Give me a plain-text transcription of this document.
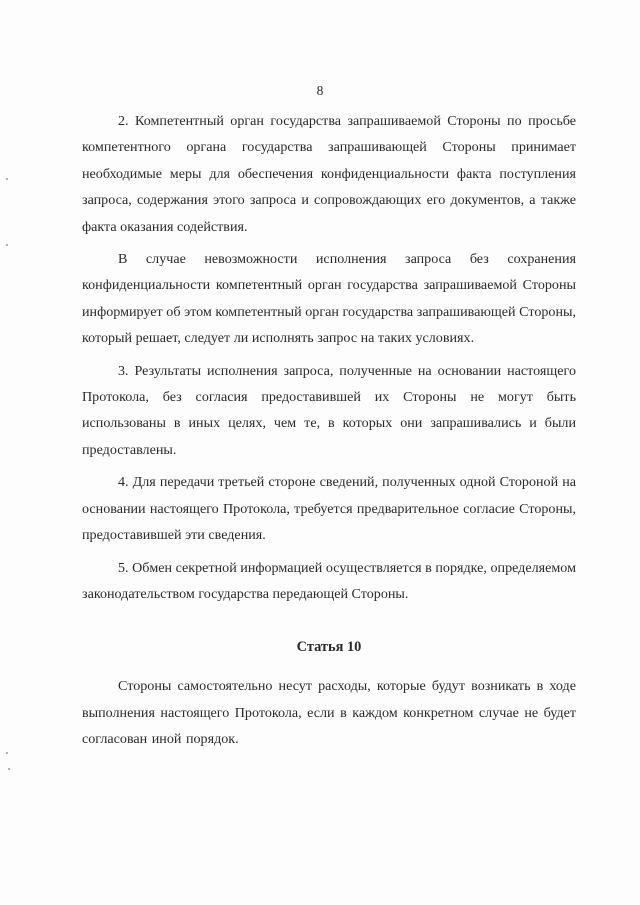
8

2. Компетентный орган государства запрашиваемой Стороны по просьбе компетентного органа государства запрашивающей Стороны принимает необходимые меры для обеспечения конфиденциальности факта поступления запроса, содержания этого запроса и сопровождающих его документов, а также факта оказания содействия.

В случае невозможности исполнения запроса без сохранения конфиденциальности компетентный орган государства запрашиваемой Стороны информирует об этом компетентный орган государства запрашивающей Стороны, который решает, следует ли исполнять запрос на таких условиях.

3. Результаты исполнения запроса, полученные на основании настоящего Протокола, без согласия предоставившей их Стороны не могут быть использованы в иных целях, чем те, в которых они запрашивались и были предоставлены.

4. Для передачи третьей стороне сведений, полученных одной Стороной на основании настоящего Протокола, требуется предварительное согласие Стороны, предоставившей эти сведения.

5. Обмен секретной информацией осуществляется в порядке, определяемом законодательством государства передающей Стороны.

Статья 10

Стороны самостоятельно несут расходы, которые будут возникать в ходе выполнения настоящего Протокола, если в каждом конкретном случае не будет согласован иной порядок.
